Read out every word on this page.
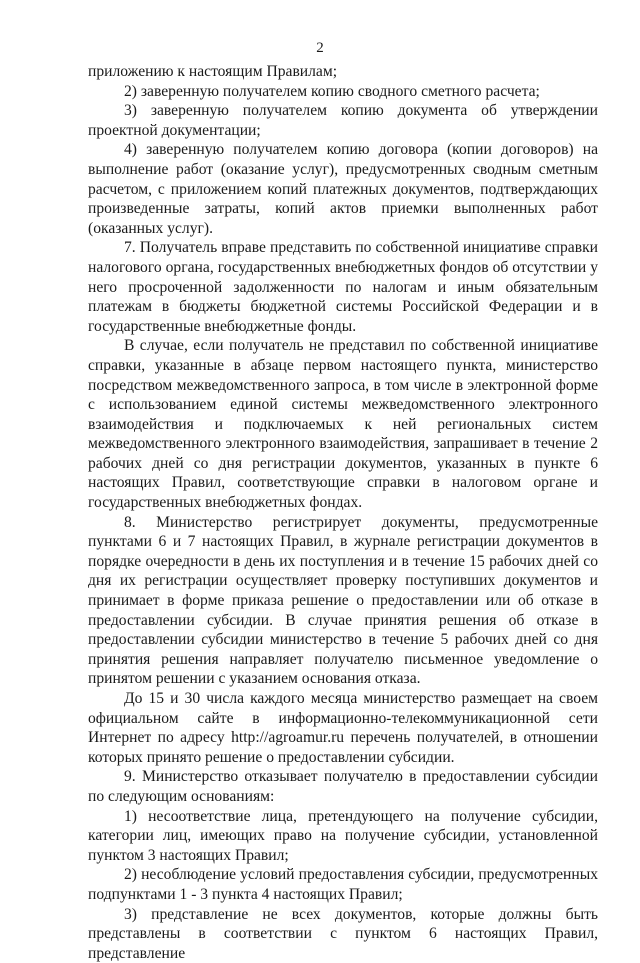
2

приложению к настоящим Правилам;

2) заверенную получателем копию сводного сметного расчета;

3) заверенную получателем копию документа об утверждении проектной документации;

4) заверенную получателем копию договора (копии договоров) на выполнение работ (оказание услуг), предусмотренных сводным сметным расчетом, с приложением копий платежных документов, подтверждающих произведенные затраты, копий актов приемки выполненных работ (оказанных услуг).

7. Получатель вправе представить по собственной инициативе справки налогового органа, государственных внебюджетных фондов об отсутствии у него просроченной задолженности по налогам и иным обязательным платежам в бюджеты бюджетной системы Российской Федерации и в государственные внебюджетные фонды.

В случае, если получатель не представил по собственной инициативе справки, указанные в абзаце первом настоящего пункта, министерство посредством межведомственного запроса, в том числе в электронной форме с использованием единой системы межведомственного электронного взаимодействия и подключаемых к ней региональных систем межведомственного электронного взаимодействия, запрашивает в течение 2 рабочих дней со дня регистрации документов, указанных в пункте 6 настоящих Правил, соответствующие справки в налоговом органе и государственных внебюджетных фондах.

8. Министерство регистрирует документы, предусмотренные пунктами 6 и 7 настоящих Правил, в журнале регистрации документов в порядке очередности в день их поступления и в течение 15 рабочих дней со дня их регистрации осуществляет проверку поступивших документов и принимает в форме приказа решение о предоставлении или об отказе в предоставлении субсидии. В случае принятия решения об отказе в предоставлении субсидии министерство в течение 5 рабочих дней со дня принятия решения направляет получателю письменное уведомление о принятом решении с указанием основания отказа.

До 15 и 30 числа каждого месяца министерство размещает на своем официальном сайте в информационно-телекоммуникационной сети Интернет по адресу http://agroamur.ru перечень получателей, в отношении которых принято решение о предоставлении субсидии.

9. Министерство отказывает получателю в предоставлении субсидии по следующим основаниям:

1) несоответствие лица, претендующего на получение субсидии, категории лиц, имеющих право на получение субсидии, установленной пунктом 3 настоящих Правил;

2) несоблюдение условий предоставления субсидии, предусмотренных подпунктами 1 - 3 пункта 4 настоящих Правил;

3) представление не всех документов, которые должны быть представлены в соответствии с пунктом 6 настоящих Правил, представление
